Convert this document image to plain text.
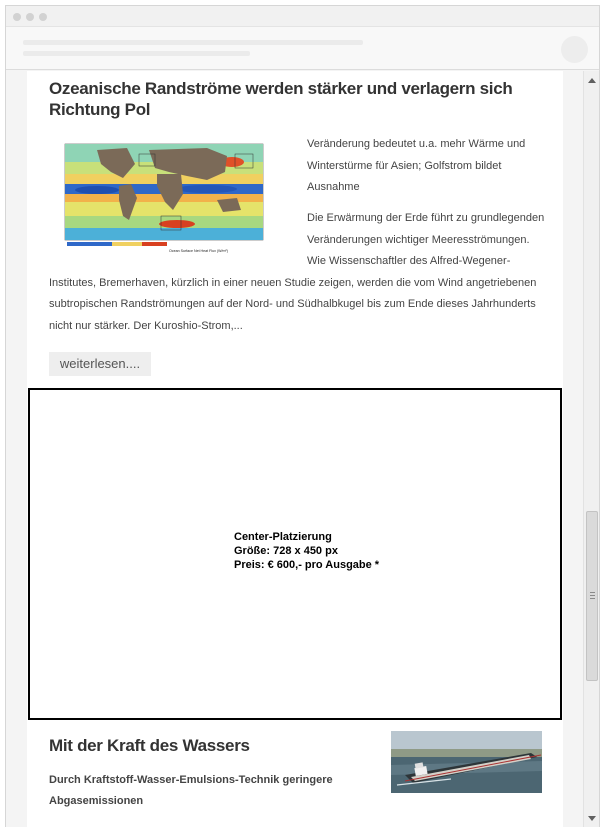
Ozeanische Randströme werden stärker und verlagern sich Richtung Pol
Ocean Surface Net Heat Flux (W/m²)
Veränderung bedeutet u.a. mehr Wärme und
Winterstürme für Asien; Golfstrom bildet
Ausnahme
Die Erwärmung der Erde führt zu grundlegenden
Veränderungen wichtiger Meeresströmungen.
Wie Wissenschaftler des Alfred-Wegener-
Institutes, Bremerhaven, kürzlich in einer neuen Studie zeigen, werden die vom Wind angetriebenen
subtropischen Randströmungen auf der Nord- und Südhalbkugel bis zum Ende dieses Jahrhunderts
nicht nur stärker. Der Kuroshio-Strom,...
weiterlesen....
Center-Platzierung
Größe: 728 x 450 px
Preis: € 600,- pro Ausgabe *
Mit der Kraft des Wassers
Durch Kraftstoff-Wasser-Emulsions-Technik geringere
Abgasemissionen
